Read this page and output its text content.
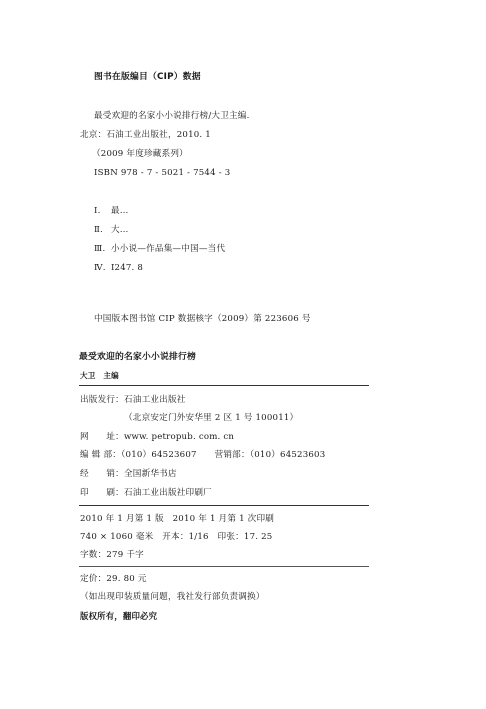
图书在版编目（CIP）数据
最受欢迎的名家小小说排行榜/大卫主编.
北京：石油工业出版社，2010. 1
（2009 年度珍藏系列）
ISBN 978 - 7 - 5021 - 7544 - 3
Ⅰ. 最…
Ⅱ. 大…
Ⅲ. 小小说—作品集—中国—当代
Ⅳ. I247. 8
中国版本图书馆 CIP 数据核字（2009）第 223606 号
最受欢迎的名家小小说排行榜
大卫　主编
出版发行：石油工业出版社
（北京安定门外安华里 2 区 1 号 100011）
网　　址：www. petropub. com. cn
编 辑 部：（010）64523607 营销部：（010）64523603
经　　销：全国新华书店
印　　刷：石油工业出版社印刷厂
2010 年 1 月第 1 版　2010 年 1 月第 1 次印刷
740 × 1060 毫米　开本：1/16　印张：17. 25
字数：279 千字
定价：29. 80 元
（如出现印装质量问题，我社发行部负责调换）
版权所有，翻印必究
